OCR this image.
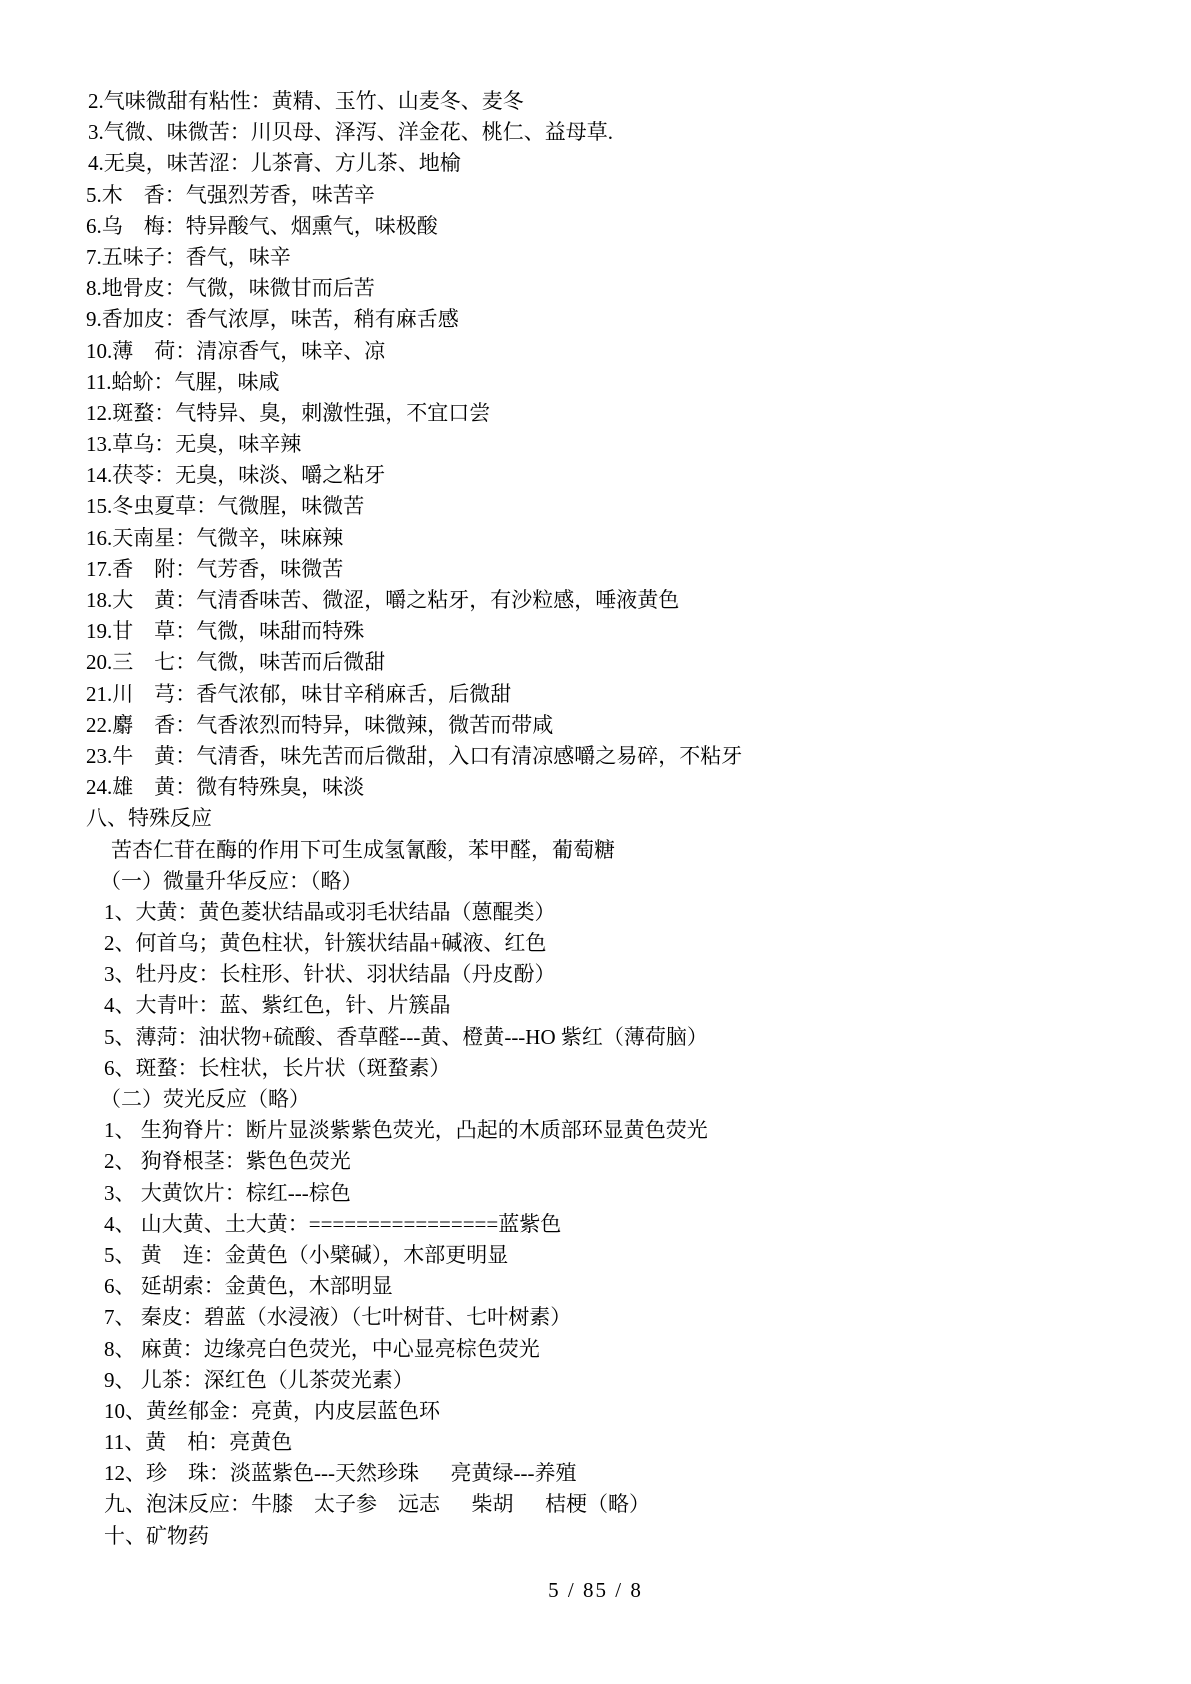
2.气味微甜有粘性：黄精、玉竹、山麦冬、麦冬
3.气微、味微苦：川贝母、泽泻、洋金花、桃仁、益母草.
4.无臭，味苦涩：儿茶膏、方儿茶、地榆
5.木　香：气强烈芳香，味苦辛
6.乌　梅：特异酸气、烟熏气，味极酸
7.五味子：香气，味辛
8.地骨皮：气微，味微甘而后苦
9.香加皮：香气浓厚，味苦，稍有麻舌感
10.薄　荷：清凉香气，味辛、凉
11.蛤蚧：气腥，味咸
12.斑蝥：气特异、臭，刺激性强，不宜口尝
13.草乌：无臭，味辛辣
14.茯苓：无臭，味淡、嚼之粘牙
15.冬虫夏草：气微腥，味微苦
16.天南星：气微辛，味麻辣
17.香　附：气芳香，味微苦
18.大　黄：气清香味苦、微涩，嚼之粘牙，有沙粒感，唾液黄色
19.甘　草：气微，味甜而特殊
20.三　七：气微，味苦而后微甜
21.川　芎：香气浓郁，味甘辛稍麻舌，后微甜
22.麝　香：气香浓烈而特异，味微辣，微苦而带咸
23.牛　黄：气清香，味先苦而后微甜，入口有清凉感嚼之易碎，不粘牙
24.雄　黄：微有特殊臭，味淡
八、特殊反应
苦杏仁苷在酶的作用下可生成氢氰酸，苯甲醛，葡萄糖
（一）微量升华反应：（略）
1、大黄：黄色菱状结晶或羽毛状结晶（蒽醌类）
2、何首乌；黄色柱状，针簇状结晶+碱液、红色
3、牡丹皮：长柱形、针状、羽状结晶（丹皮酚）
4、大青叶：蓝、紫红色，针、片簇晶
5、薄菏：油状物+硫酸、香草醛---黄、橙黄---HO 紫红（薄荷脑）
6、斑蝥：长柱状，长片状（斑蝥素）
（二）荧光反应（略）
1、 生狗脊片：断片显淡紫紫色荧光，凸起的木质部环显黄色荧光
2、 狗脊根茎：紫色色荧光
3、 大黄饮片：棕红---棕色
4、 山大黄、土大黄：================蓝紫色
5、 黄　连：金黄色（小檗碱），木部更明显
6、 延胡索：金黄色，木部明显
7、 秦皮：碧蓝（水浸液）（七叶树苷、七叶树素）
8、 麻黄：边缘亮白色荧光，中心显亮棕色荧光
9、 儿茶：深红色（儿茶荧光素）
10、黄丝郁金：亮黄，内皮层蓝色环
11、黄　柏：亮黄色
12、珍　珠：淡蓝紫色---天然珍珠　  亮黄绿---养殖
九、泡沫反应：牛膝　太子参　远志　  柴胡　  桔梗（略）
十、矿物药
5 / 85 / 8
